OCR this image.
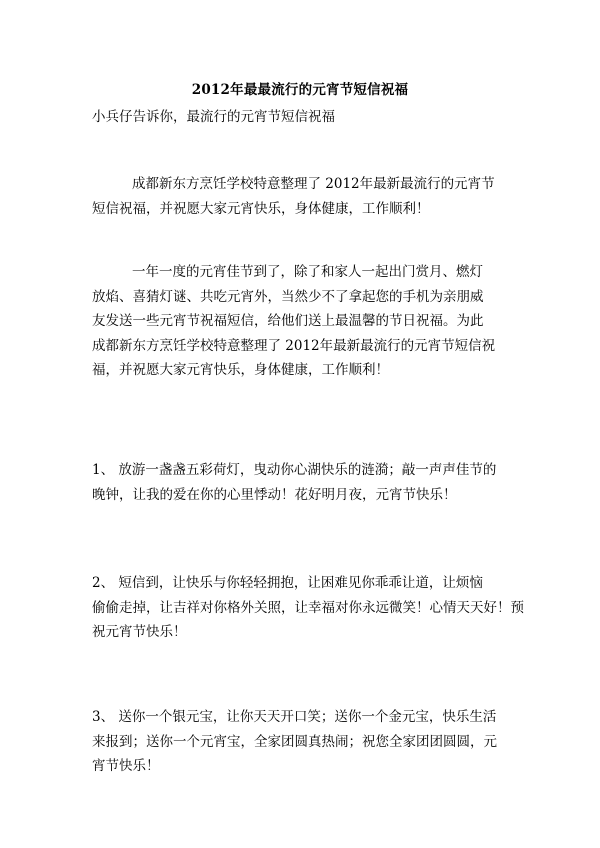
2012年最最流行的元宵节短信祝福
小兵仔告诉你，最流行的元宵节短信祝福
成都新东方烹饪学校特意整理了 2012年最新最流行的元宵节
短信祝福，并祝愿大家元宵快乐，身体健康，工作顺利！
一年一度的元宵佳节到了，除了和家人一起出门赏月、燃灯
放焰、喜猜灯谜、共吃元宵外，当然少不了拿起您的手机为亲朋威
友发送一些元宵节祝福短信，给他们送上最温馨的节日祝福。为此
成都新东方烹饪学校特意整理了 2012年最新最流行的元宵节短信祝
福，并祝愿大家元宵快乐，身体健康，工作顺利！
1、 放游一盏盏五彩荷灯，曳动你心湖快乐的涟漪；敲一声声佳节的
晚钟，让我的爱在你的心里悸动！花好明月夜，元宵节快乐！
2、 短信到，让快乐与你轻轻拥抱，让困难见你乖乖让道，让烦恼
偷偷走掉，让吉祥对你格外关照，让幸福对你永远微笑！心情天天好！预
祝元宵节快乐！
3、 送你一个银元宝，让你天天开口笑；送你一个金元宝，快乐生活
来报到；送你一个元宵宝，全家团圆真热闹；祝您全家团团圆圆，元
宵节快乐！
